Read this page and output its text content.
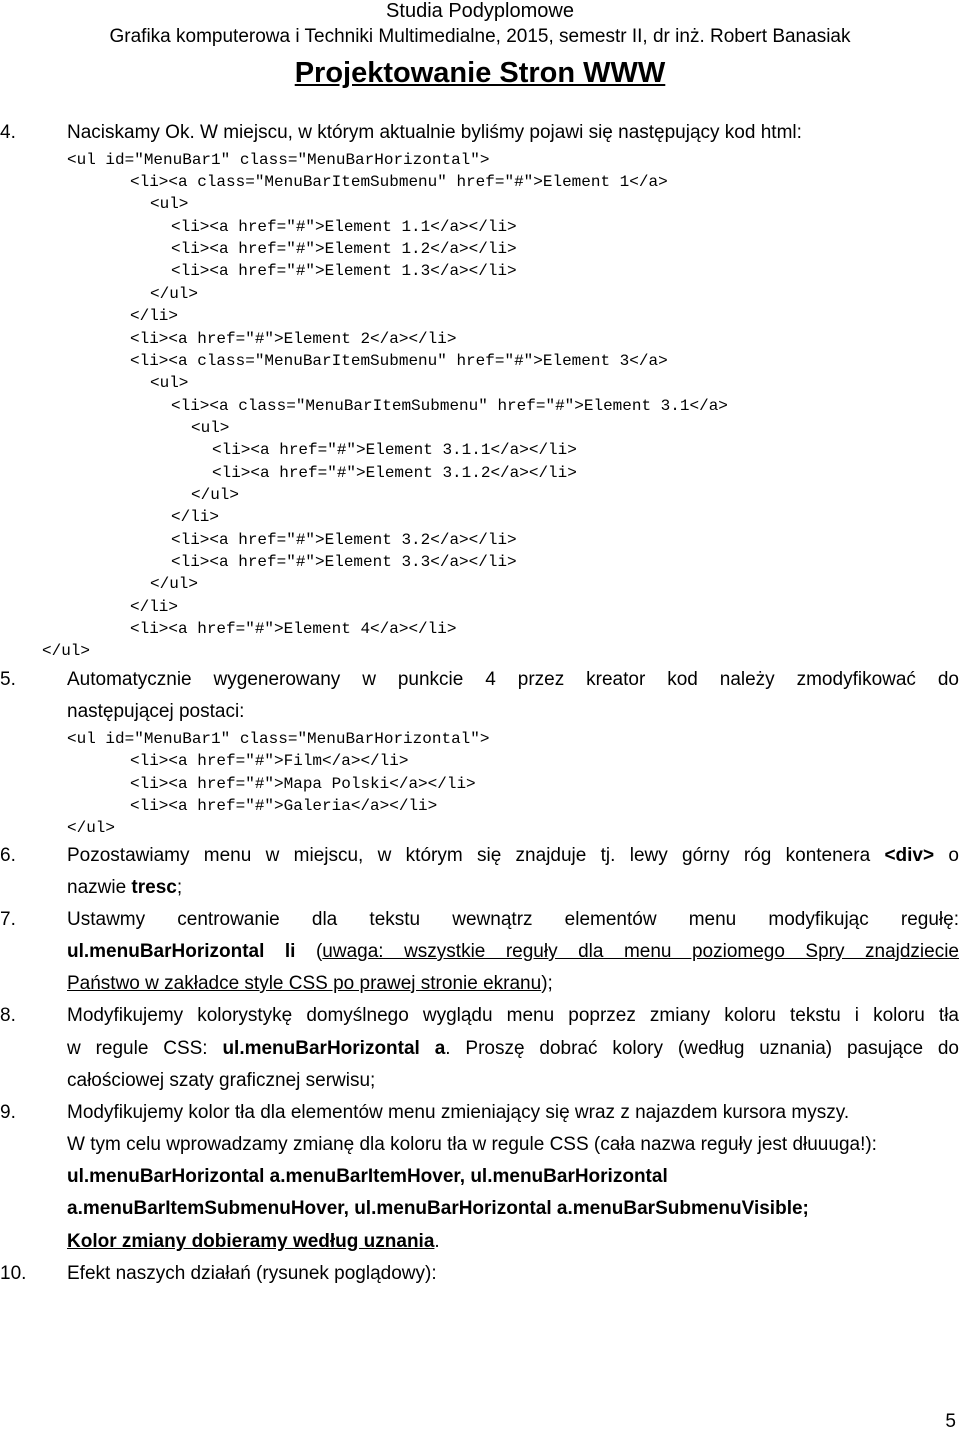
Studia Podyplomowe
Grafika komputerowa i Techniki Multimedialne, 2015, semestr II, dr inż. Robert Banasiak
Projektowanie Stron WWW
4.	Naciskamy Ok. W miejscu, w którym aktualnie byliśmy pojawi się następujący kod html:
<ul id="MenuBar1" class="MenuBarHorizontal">
<li><a class="MenuBarItemSubmenu" href="#">Element 1</a>
<ul>
<li><a href="#">Element 1.1</a></li>
<li><a href="#">Element 1.2</a></li>
<li><a href="#">Element 1.3</a></li>
</ul>
</li>
<li><a href="#">Element 2</a></li>
<li><a class="MenuBarItemSubmenu" href="#">Element 3</a>
<ul>
<li><a class="MenuBarItemSubmenu" href="#">Element 3.1</a>
<ul>
<li><a href="#">Element 3.1.1</a></li>
<li><a href="#">Element 3.1.2</a></li>
</ul>
</li>
<li><a href="#">Element 3.2</a></li>
<li><a href="#">Element 3.3</a></li>
</ul>
</li>
<li><a href="#">Element 4</a></li>
</ul>
5.	Automatycznie wygenerowany w punkcie 4 przez kreator kod należy zmodyfikować do
następującej postaci:
<ul id="MenuBar1" class="MenuBarHorizontal">
<li><a href="#">Film</a></li>
<li><a href="#">Mapa Polski</a></li>
<li><a href="#">Galeria</a></li>
</ul>
6.	Pozostawiamy menu w miejscu, w którym się znajduje tj. lewy górny róg kontenera <div> o
nazwie tresc;
7.	Ustawmy centrowanie dla tekstu wewnątrz elementów menu modyfikując regułę:
ul.menuBarHorizontal li (uwaga: wszystkie reguły dla menu poziomego Spry znajdziecie
Państwo w zakładce style CSS po prawej stronie ekranu);
8.	Modyfikujemy kolorystykę domyślnego wyglądu menu poprzez zmiany koloru tekstu i koloru tła
w regule CSS: ul.menuBarHorizontal a. Proszę dobrać kolory (według uznania) pasujące do
całościowej szaty graficznej serwisu;
9.	Modyfikujemy kolor tła dla elementów menu zmieniający się wraz z najazdem kursora myszy.
W tym celu wprowadzamy zmianę dla koloru tła w regule CSS (cała nazwa reguły jest dłuuuga!):
ul.menuBarHorizontal a.menuBarItemHover, ul.menuBarHorizontal
a.menuBarItemSubmenuHover, ul.menuBarHorizontal a.menuBarSubmenuVisible;
Kolor zmiany dobieramy według uznania.
10. Efekt naszych działań (rysunek poglądowy):
5
